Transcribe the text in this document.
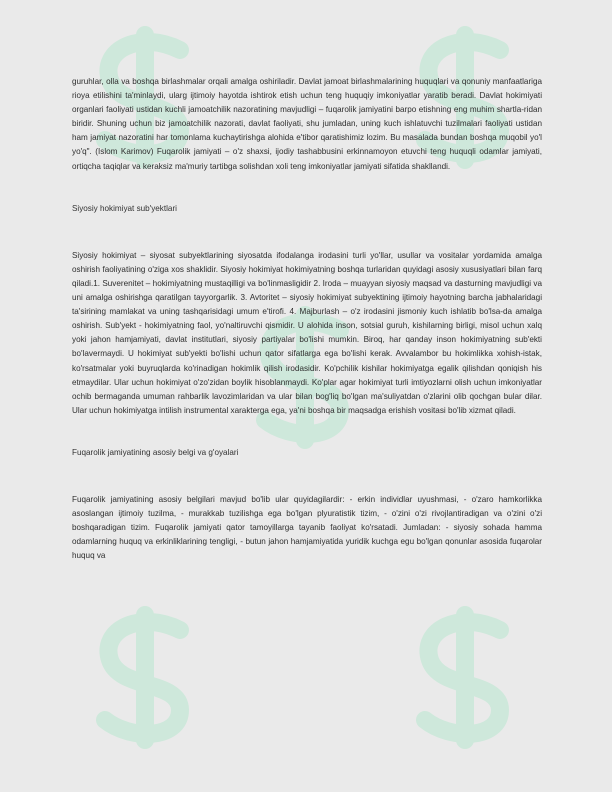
guruhlar, olla va boshqa birlashmalar orqali amalga oshiriladir. Davlat jamoat birlashmalarining huquqlari va qonuniy manfaatlariga rioya etilishini ta'minlaydi, ularg ijtimoiy hayotda ishtirok etish uchun teng huquqiy imkoniyatlar yaratib beradi. Davlat hokimiyati organlari faoliyati ustidan kuchli jamoatchilik nazoratining mavjudligi – fuqarolik jamiyatini barpo etishning eng muhim shartla-ridan biridir. Shuning uchun biz jamoatchilik nazorati, davlat faoliyati, shu jumladan, uning kuch ishlatuvchi tuzilmalari faoliyati ustidan ham jamiyat nazoratini har tomonlama kuchaytirishga alohida e'tibor qaratishimiz lozim. Bu masalada bundan boshqa muqobil yo'l yo'q". (Islom Karimov) Fuqarolik jamiyati – o'z shaxsi, ijodiy tashabbusini erkinnamoyon etuvchi teng huquqli odamlar jamiyati, ortiqcha taqiqlar va keraksiz ma'muriy tartibga solishdan xoli teng imkoniyatlar jamiyati sifatida shakllandi.

Siyosiy hokimiyat sub'yektlari

Siyosiy hokimiyat – siyosat subyektlarining siyosatda ifodalanga irodasini turli yo'llar, usullar va vositalar yordamida amalga oshirish faoliyatining o'ziga xos shaklidir. Siyosiy hokimiyat hokimiyatning boshqa turlaridan quyidagi asosiy xususiyatlari bilan farq qiladi.1. Suverenitet – hokimiyatning mustaqilligi va bo'linmasligidir 2. Iroda – muayyan siyosiy maqsad va dasturning mavjudligi va uni amalga oshirishga qaratilgan tayyorgarlik. 3. Avtoritet – siyosiy hokimiyat subyektining ijtimoiy hayotning barcha jabhalaridagi ta'sirining mamlakat va uning tashqarisidagi umum e'tirofi. 4. Majburlash – o'z irodasini jismoniy kuch ishlatib bo'lsa-da amalga oshirish. Sub'yekt - hokimiyatning faol, yo'naltiruvchi qismidir. U alohida inson, sotsial guruh, kishilarning birligi, misol uchun xalq yoki jahon hamjamiyati, davlat institutlari, siyosiy partiyalar bo'lishi mumkin. Biroq, har qanday inson hokimiyatning sub'ekti bo'lavermaydi. U hokimiyat sub'yekti bo'lishi uchun qator sifatlarga ega bo'lishi kerak. Avvalambor bu hokimlikka xohish-istak, ko'rsatmalar yoki buyruqlarda ko'rinadigan hokimlik qilish irodasidir. Ko'pchilik kishilar hokimiyatga egalik qilishdan qoniqish his etmaydilar. Ular uchun hokimiyat o'zo'zidan boylik hisoblanmaydi. Ko'plar agar hokimiyat turli imtiyozlarni olish uchun imkoniyatlar ochib bermaganda umuman rahbarlik lavozimlaridan va ular bilan bog'liq bo'lgan ma'suliyatdan o'zlarini olib qochgan bular dilar. Ular uchun hokimiyatga intilish instrumental xarakterga ega, ya'ni boshqa bir maqsadga erishish vositasi bo'lib xizmat qiladi.

Fuqarolik jamiyatining asosiy belgi va g'oyalari

Fuqarolik jamiyatining asosiy belgilari mavjud bo'lib ular quyidagilardir: - erkin individlar uyushmasi, - o'zaro hamkorlikka asoslangan ijtimoiy tuzilma, - murakkab tuzilishga ega bo'lgan plyuratistik tizim, - o'zini o'zi rivojlantiradigan va o'zini o'zi boshqaradigan tizim. Fuqarolik jamiyati qator tamoyillarga tayanib faoliyat ko'rsatadi. Jumladan: - siyosiy sohada hamma odamlarning huquq va erkinliklarining tengligi, - butun jahon hamjamiyatida yuridik kuchga egu bo'lgan qonunlar asosida fuqarolar huquq va
